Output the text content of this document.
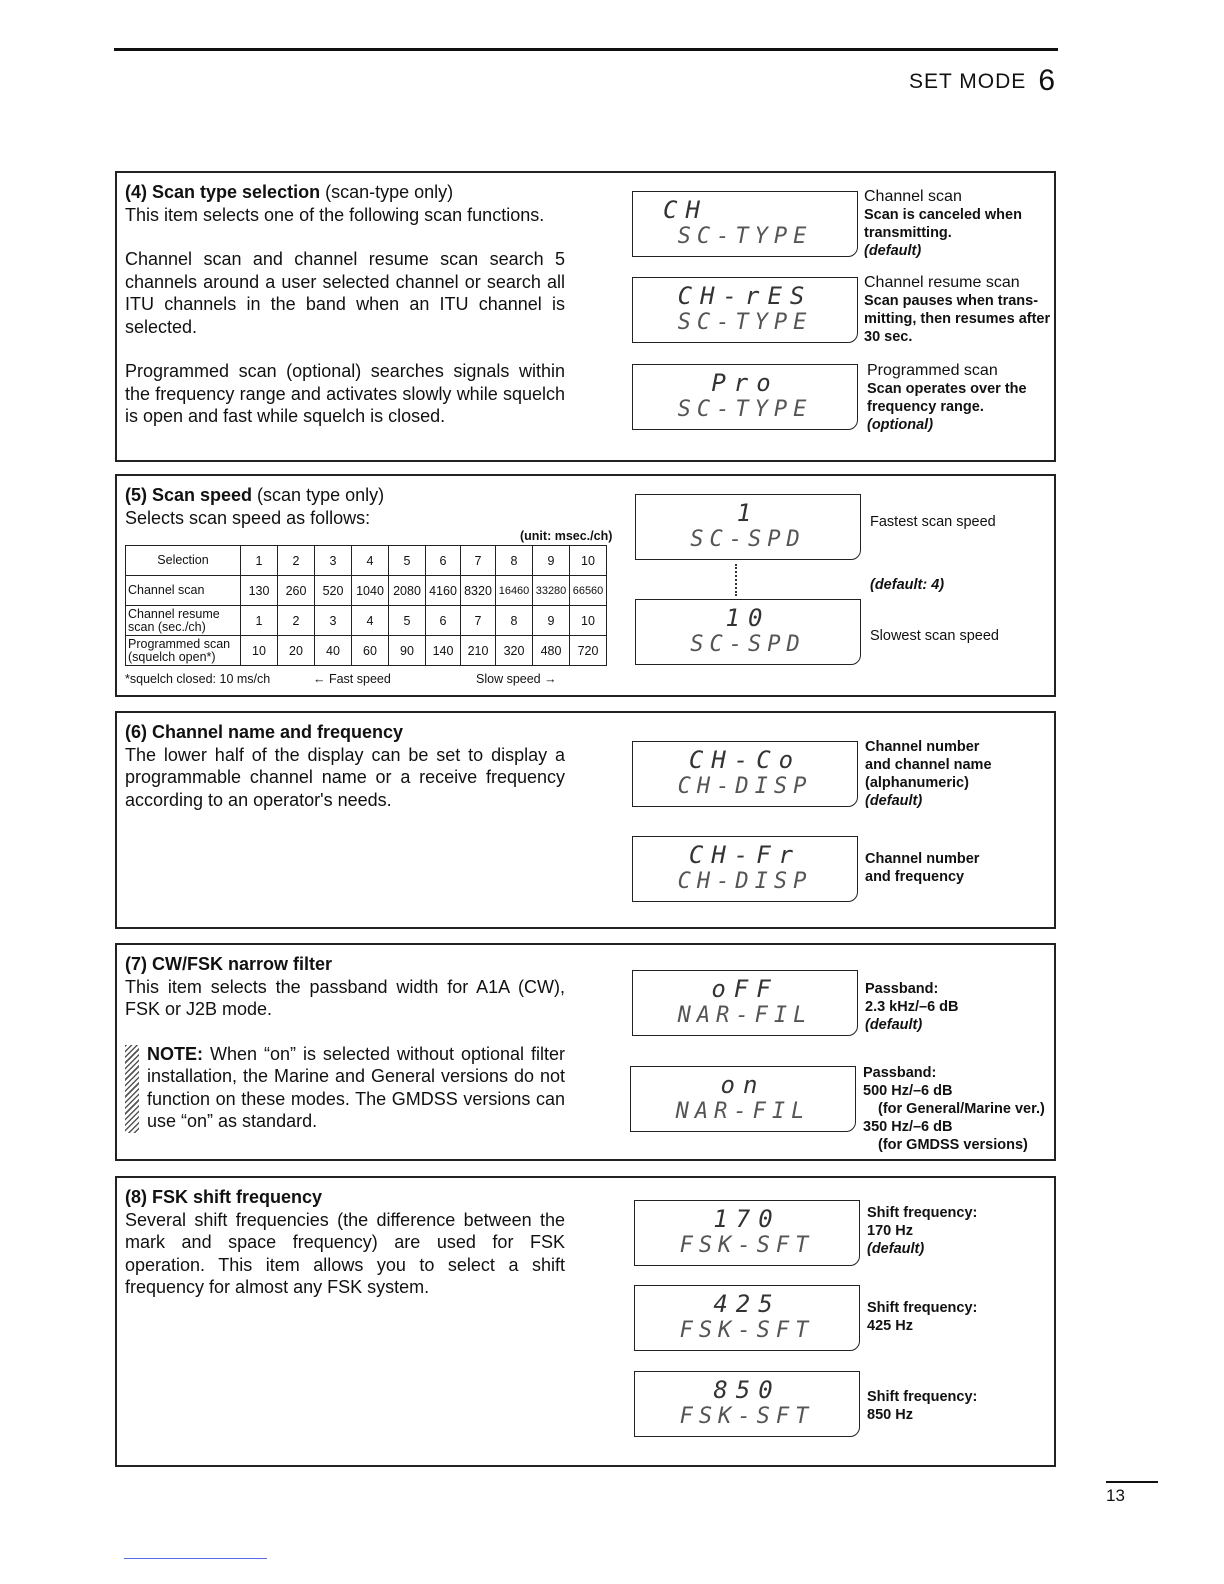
SET MODE 6

(4) Scan type selection (scan-type only)

This item selects one of the following scan functions.

Channel scan and channel resume scan search 5 channels around a user selected channel or search all ITU channels in the band when an ITU channel is selected.

Programmed scan (optional) searches signals within the frequency range and activates slowly while squelch is open and fast while squelch is closed.

CH
SC-TYPE
Channel scan
Scan is canceled when
transmitting.
(default)
CH-rES
SC-TYPE
Channel resume scan
Scan pauses when trans-
mitting, then resumes after
30 sec.
Pro
SC-TYPE
Programmed scan
Scan operates over the
frequency range.
(optional)

(5) Scan speed (scan type only)

Selects scan speed as follows:

(unit: msec./ch)
Selection	1	2	3	4	5	6	7	8	9	10
Channel scan	130	260	520	1040	2080	4160	8320	16460	33280	66560
Channel resume scan (sec./ch)	1	2	3	4	5	6	7	8	9	10
Programmed scan (squelch open*)	10	20	40	60	90	140	210	320	480	720
*squelch closed: 10 ms/ch	← Fast speed	Slow speed →
1
SC-SPD
Fastest scan speed
(default: 4)
10
SC-SPD	Slowest scan speed

(6) Channel name and frequency

The lower half of the display can be set to display a programmable channel name or a receive frequency according to an operator's needs.

CH-Co
CH-DISP
Channel number
and channel name
(alphanumeric)
(default)
CH-Fr
CH-DISP
Channel number
and frequency

(7) CW/FSK narrow filter

This item selects the passband width for A1A (CW), FSK or J2B mode.

NOTE: When “on” is selected without optional filter installation, the Marine and General versions do not function on these modes. The GMDSS versions can use “on” as standard.

oFF
NAR-FIL
Passband:
2.3 kHz/–6 dB
(default)
on
NAR-FIL
Passband:
500 Hz/–6 dB
(for General/Marine ver.)
350 Hz/–6 dB
(for GMDSS versions)

(8) FSK shift frequency

Several shift frequencies (the difference between the mark and space frequency) are used for FSK operation. This item allows you to select a shift frequency for almost any FSK system.

170
FSK-SFT
Shift frequency:
170 Hz
(default)
425
FSK-SFT
Shift frequency:
425 Hz
850
FSK-SFT
Shift frequency:
850 Hz
13
